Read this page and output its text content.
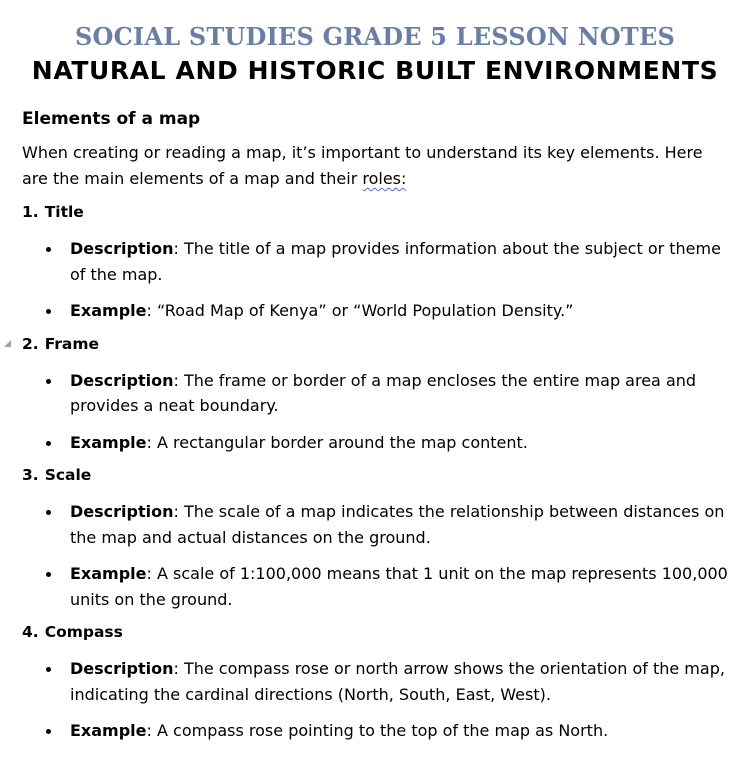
SOCIAL STUDIES GRADE 5 LESSON NOTES
NATURAL AND HISTORIC BUILT ENVIRONMENTS
Elements of a map

When creating or reading a map, it’s important to understand its key elements. Here are the main elements of a map and their roles:

1. Title

Description: The title of a map provides information about the subject or theme of the map.
Example: “Road Map of Kenya” or “World Population Density.”

2. Frame

Description: The frame or border of a map encloses the entire map area and provides a neat boundary.
Example: A rectangular border around the map content.

3. Scale

Description: The scale of a map indicates the relationship between distances on the map and actual distances on the ground.
Example: A scale of 1:100,000 means that 1 unit on the map represents 100,000 units on the ground.

4. Compass

Description: The compass rose or north arrow shows the orientation of the map, indicating the cardinal directions (North, South, East, West).
Example: A compass rose pointing to the top of the map as North.
